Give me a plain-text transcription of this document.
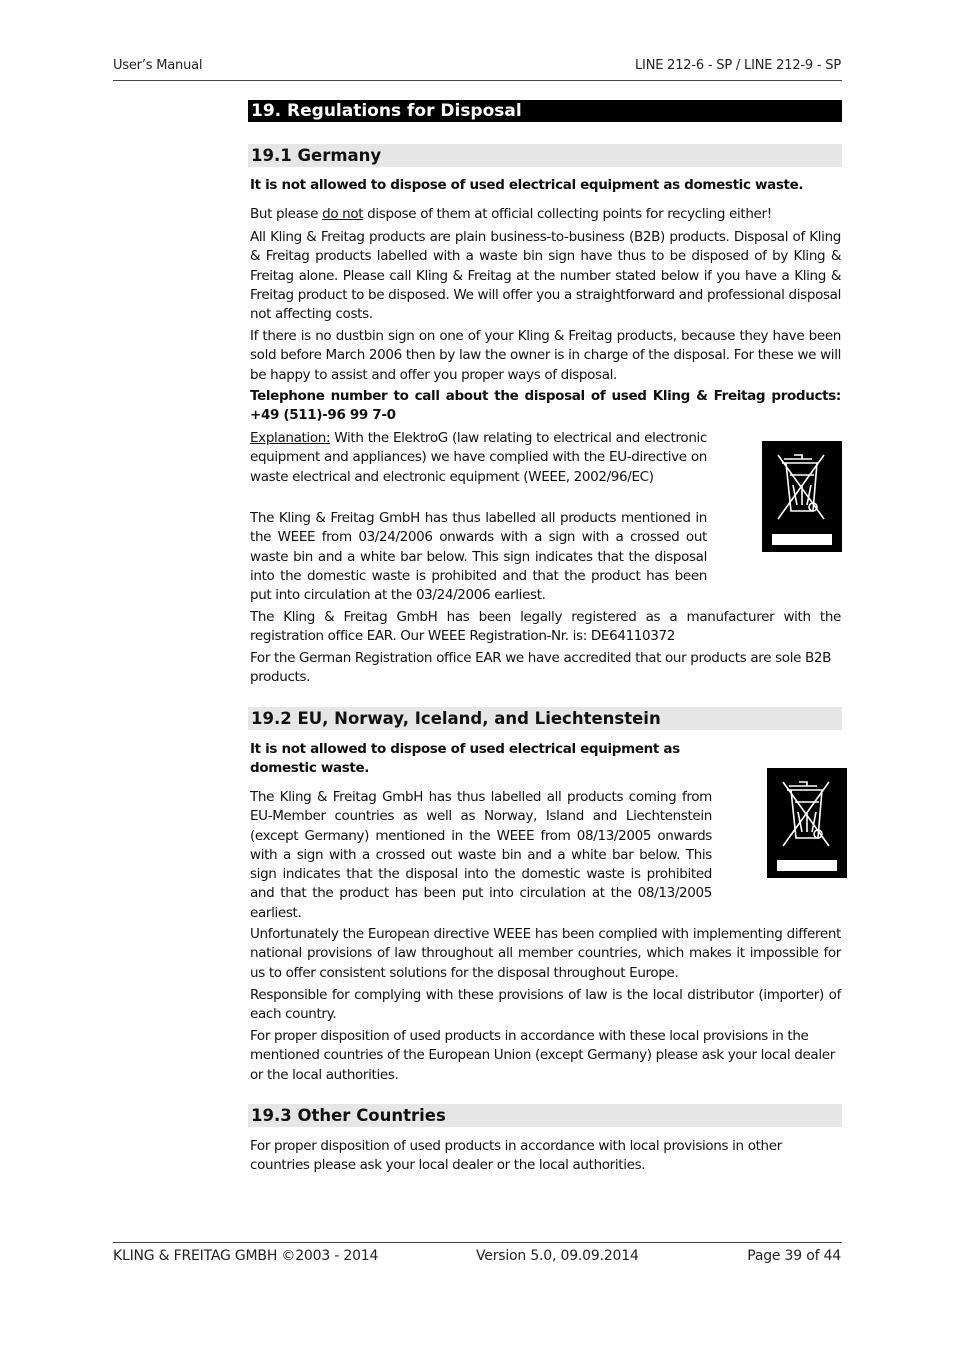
User’s Manual	LINE 212-6 - SP / LINE 212-9 - SP
19. Regulations for Disposal
19.1 Germany

It is not allowed to dispose of used electrical equipment as domestic waste.

But please do not dispose of them at official collecting points for recycling either!

All Kling & Freitag products are plain business-to-business (B2B) products. Disposal of Kling & Freitag products labelled with a waste bin sign have thus to be disposed of by Kling & Freitag alone. Please call Kling & Freitag at the number stated below if you have a Kling & Freitag product to be disposed. We will offer you a straightforward and professional disposal not affecting costs.

If there is no dustbin sign on one of your Kling & Freitag products, because they have been sold before March 2006 then by law the owner is in charge of the disposal. For these we will be happy to assist and offer you proper ways of disposal.

Telephone number to call about the disposal of used Kling & Freitag products: +49 (511)-96 99 7-0

Explanation: With the ElektroG (law relating to electrical and electronic equipment and appliances) we have complied with the EU-directive on waste electrical and electronic equipment (WEEE, 2002/96/EC)

The Kling & Freitag GmbH has thus labelled all products mentioned in the WEEE from 03/24/2006 onwards with a sign with a crossed out waste bin and a white bar below. This sign indicates that the disposal into the domestic waste is prohibited and that the product has been put into circulation at the 03/24/2006 earliest.

The Kling & Freitag GmbH has been legally registered as a manufacturer with the registration office EAR. Our WEEE Registration-Nr. is: DE64110372

For the German Registration office EAR we have accredited that our products are sole B2B products.

19.2 EU, Norway, Iceland, and Liechtenstein

It is not allowed to dispose of used electrical equipment as domestic waste.

The Kling & Freitag GmbH has thus labelled all products coming from EU-Member countries as well as Norway, Island and Liechtenstein (except Germany) mentioned in the WEEE from 08/13/2005 onwards with a sign with a crossed out waste bin and a white bar below. This sign indicates that the disposal into the domestic waste is prohibited and that the product has been put into circulation at the 08/13/2005 earliest.

Unfortunately the European directive WEEE has been complied with implementing different national provisions of law throughout all member countries, which makes it impossible for us to offer consistent solutions for the disposal throughout Europe.

Responsible for complying with these provisions of law is the local distributor (importer) of each country.

For proper disposition of used products in accordance with these local provisions in the mentioned countries of the European Union (except Germany) please ask your local dealer or the local authorities.

19.3 Other Countries

For proper disposition of used products in accordance with local provisions in other countries please ask your local dealer or the local authorities.

KLING & FREITAG GMBH ©2003 - 2014	Version 5.0, 09.09.2014	Page 39 of 44
